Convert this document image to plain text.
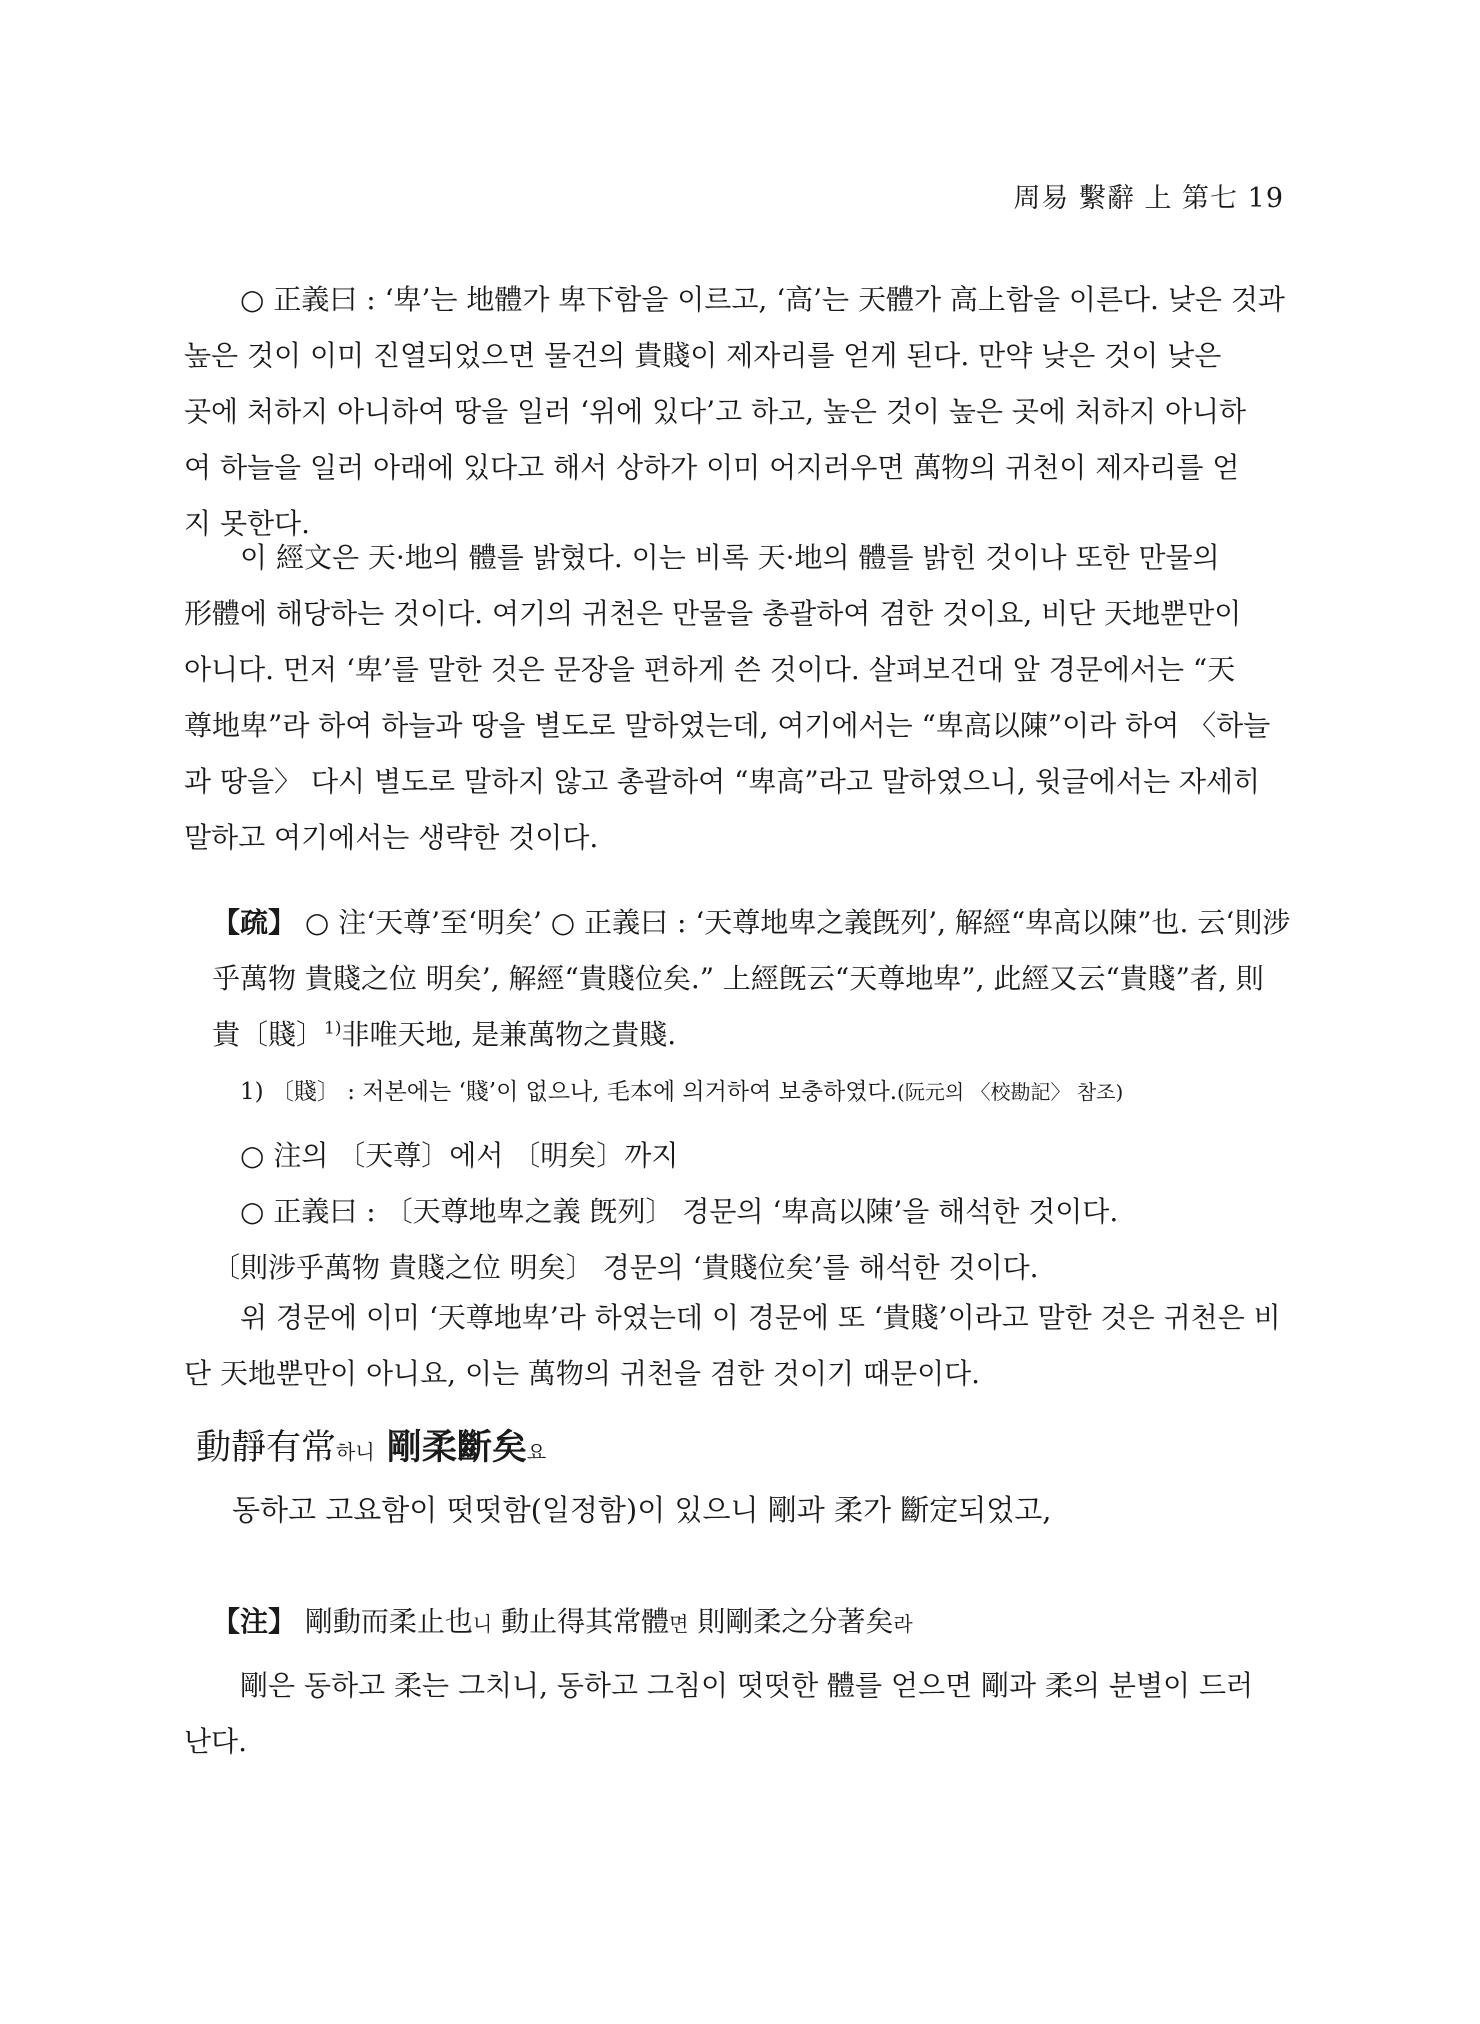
周易 繫辭 上 第七 19

○ 正義曰 : ‘卑’는 地體가 卑下함을 이르고, ‘高’는 天體가 高上함을 이른다. 낮은 것과
높은 것이 이미 진열되었으면 물건의 貴賤이 제자리를 얻게 된다. 만약 낮은 것이 낮은
곳에 처하지 아니하여 땅을 일러 ‘위에 있다’고 하고, 높은 것이 높은 곳에 처하지 아니하
여 하늘을 일러 아래에 있다고 해서 상하가 이미 어지러우면 萬物의 귀천이 제자리를 얻
지 못한다.

이 經文은 天·地의 體를 밝혔다. 이는 비록 天·地의 體를 밝힌 것이나 또한 만물의
形體에 해당하는 것이다. 여기의 귀천은 만물을 총괄하여 겸한 것이요, 비단 天地뿐만이
아니다. 먼저 ‘卑’를 말한 것은 문장을 편하게 쓴 것이다. 살펴보건대 앞 경문에서는 “天
尊地卑”라 하여 하늘과 땅을 별도로 말하였는데, 여기에서는 “卑高以陳”이라 하여 〈하늘
과 땅을〉 다시 별도로 말하지 않고 총괄하여 “卑高”라고 말하였으니, 윗글에서는 자세히
말하고 여기에서는 생략한 것이다.

【疏】 ○ 注‘天尊’至‘明矣’ ○ 正義曰 : ‘天尊地卑之義旣列’, 解經“卑高以陳”也. 云‘則涉
乎萬物 貴賤之位 明矣’, 解經“貴賤位矣.” 上經旣云“天尊地卑”, 此經又云“貴賤”者, 則
貴〔賤〕$^{1)}$非唯天地, 是兼萬物之貴賤.

1) 〔賤〕 : 저본에는 ‘賤’이 없으나, 毛本에 의거하여 보충하였다.(阮元의 〈校勘記〉 참조)

○ 注의 〔天尊〕에서 〔明矣〕까지
○ 正義曰 : 〔天尊地卑之義 旣列〕 경문의 ‘卑高以陳’을 해석한 것이다.
〔則涉乎萬物 貴賤之位 明矣〕 경문의 ‘貴賤位矣’를 해석한 것이다.

위 경문에 이미 ‘天尊地卑’라 하였는데 이 경문에 또 ‘貴賤’이라고 말한 것은 귀천은 비
단 天地뿐만이 아니요, 이는 萬物의 귀천을 겸한 것이기 때문이다.

動靜有常하니 剛柔斷矣요

동하고 고요함이 떳떳함(일정함)이 있으니 剛과 柔가 斷定되었고,

【注】 剛動而柔止也니 動止得其常體면 則剛柔之分著矣라

剛은 동하고 柔는 그치니, 동하고 그침이 떳떳한 體를 얻으면 剛과 柔의 분별이 드러
난다.
